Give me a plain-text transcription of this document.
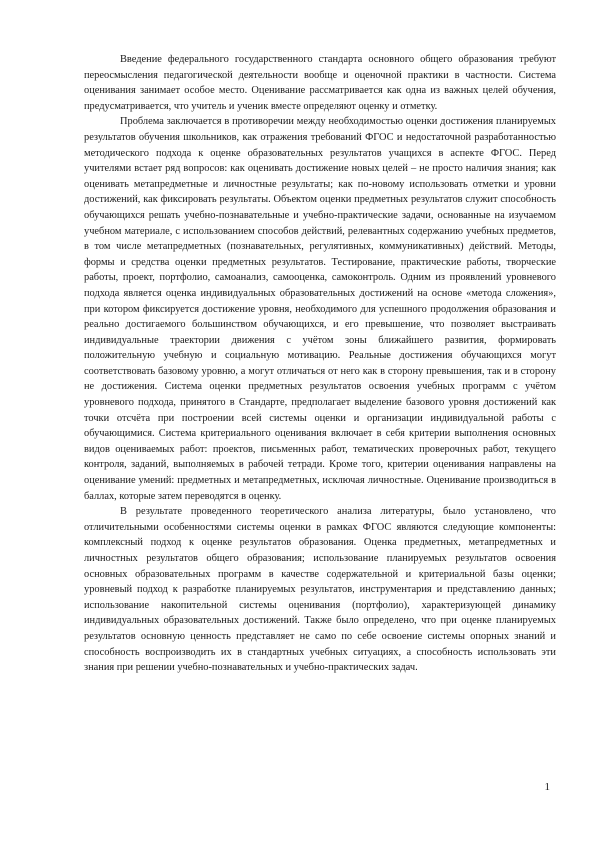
Введение федерального государственного стандарта основного общего образования требуют переосмысления педагогической деятельности вообще и оценочной практики в частности. Система оценивания занимает особое место. Оценивание рассматривается как одна из важных целей обучения, предусматривается, что учитель и ученик вместе определяют оценку и отметку.

Проблема заключается в противоречии между необходимостью оценки достижения планируемых результатов обучения школьников, как отражения требований ФГОС и недостаточной разработанностью методического подхода к оценке образовательных результатов учащихся в аспекте ФГОС. Перед учителями встает ряд вопросов: как оценивать достижение новых целей – не просто наличия знания; как оценивать метапредметные и личностные результаты; как по-новому использовать отметки и уровни достижений, как фиксировать результаты. Объектом оценки предметных результатов служит способность обучающихся решать учебно-познавательные и учебно-практические задачи, основанные на изучаемом учебном материале, с использованием способов действий, релевантных содержанию учебных предметов, в том числе метапредметных (познавательных, регулятивных, коммуникативных) действий. Методы, формы и средства оценки предметных результатов. Тестирование, практические работы, творческие работы, проект, портфолио, самоанализ, самооценка, самоконтроль. Одним из проявлений уровневого подхода является оценка индивидуальных образовательных достижений на основе «метода сложения», при котором фиксируется достижение уровня, необходимого для успешного продолжения образования и реально достигаемого большинством обучающихся, и его превышение, что позволяет выстраивать индивидуальные траектории движения с учётом зоны ближайшего развития, формировать положительную учебную и социальную мотивацию. Реальные достижения обучающихся могут соответствовать базовому уровню, а могут отличаться от него как в сторону превышения, так и в сторону не достижения. Система оценки предметных результатов освоения учебных программ с учётом уровневого подхода, принятого в Стандарте, предполагает выделение базового уровня достижений как точки отсчёта при построении всей системы оценки и организации индивидуальной работы с обучающимися. Система критериального оценивания включает в себя критерии выполнения основных видов оцениваемых работ: проектов, письменных работ, тематических проверочных работ, текущего контроля, заданий, выполняемых в рабочей тетради. Кроме того, критерии оценивания направлены на оценивание умений: предметных и метапредметных, исключая личностные. Оценивание производиться в баллах, которые затем переводятся в оценку.

В результате проведенного теоретического анализа литературы, было установлено, что отличительными особенностями системы оценки в рамках ФГОС являются следующие компоненты: комплексный подход к оценке результатов образования. Оценка предметных, метапредметных и личностных результатов общего образования; использование планируемых результатов освоения основных образовательных программ в качестве содержательной и критериальной базы оценки; уровневый подход к разработке планируемых результатов, инструментария и представлению данных; использование накопительной системы оценивания (портфолио), характеризующей динамику индивидуальных образовательных достижений. Также было определено, что при оценке планируемых результатов основную ценность представляет не само по себе освоение системы опорных знаний и способность воспроизводить их в стандартных учебных ситуациях, а способность использовать эти знания при решении учебно-познавательных и учебно-практических задач.

1
